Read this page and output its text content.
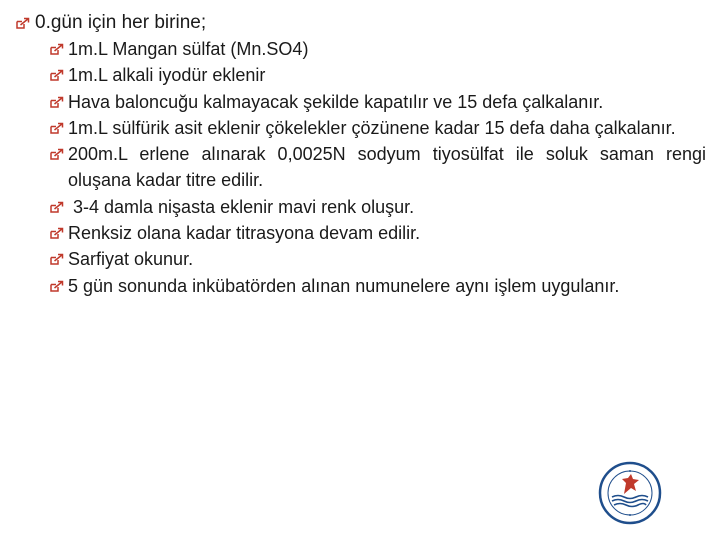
0.gün için her birine;
1m.L Mangan sülfat (Mn.SO4)
1m.L alkali iyodür eklenir
Hava baloncuğu kalmayacak şekilde kapatılır ve 15 defa çalkalanır.
1m.L sülfürik asit eklenir çökelekler çözünene kadar 15 defa daha çalkalanır.
200m.L erlene alınarak 0,0025N sodyum tiyosülfat ile soluk saman rengi oluşana kadar titre edilir.
3-4 damla nişasta eklenir mavi renk oluşur.
Renksiz olana kadar titrasyona devam edilir.
Sarfiyat okunur.
5 gün sonunda inkübatörden alınan numunelere aynı işlem uygulanır.
